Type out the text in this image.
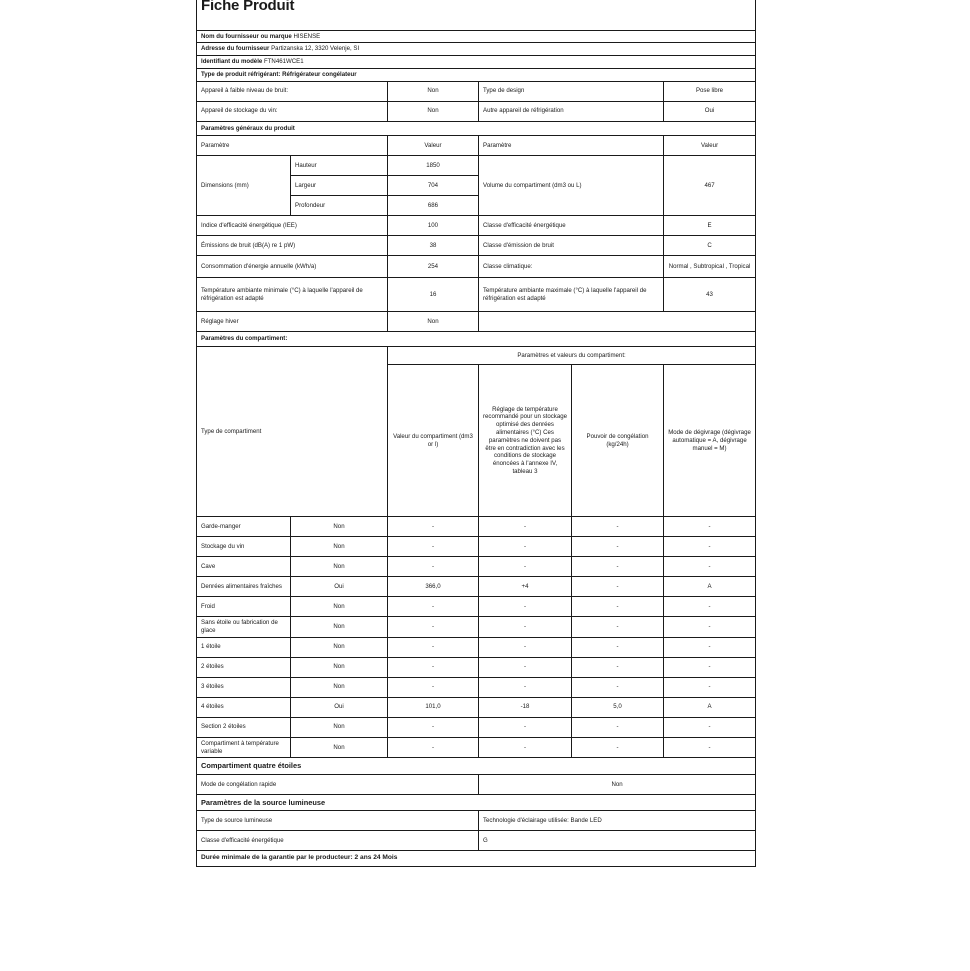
Fiche Produit					

Nom du fournisseur ou marque HISENSE					
Adresse du fournisseur Partizanska 12, 3320 Velenje, SI					
Identifiant du modèle FTN461WCE1					
Type de produit réfrigérant: Réfrigérateur congélateur					
Appareil à faible niveau de bruit:		Non	Type de design		Pose libre
Appareil de stockage du vin:		Non	Autre appareil de réfrigération		Oui
Paramètres généraux du produit					
Paramètre		Valeur	Paramètre		Valeur
Dimensions (mm)	Hauteur	1850	Volume du compartiment (dm3 ou L)		467
	Largeur	704			
	Profondeur	686			
Indice d'efficacité énergétique (IEE)		100	Classe d'efficacité énergétique		E
Émissions de bruit (dB(A) re 1 pW)		38	Classe d'émission de bruit		C
Consommation d'énergie annuelle (kWh/a)		254	Classe climatique:		Normal , Subtropical , Tropical
Température ambiante minimale (°C) à laquelle l'appareil de réfrigération est adapté		16	Température ambiante maximale (°C) à laquelle l'appareil de réfrigération est adapté		43
Réglage hiver		Non			
Paramètres du compartiment:					
Type de compartiment		Paramètres et valeurs du compartiment:			
		Valeur du compartiment (dm3 or l)	Réglage de température recommandé pour un stockage optimisé des denrées alimentaires (°C) Ces paramètres ne doivent pas être en contradiction avec les conditions de stockage énoncées à l'annexe IV, tableau 3	Pouvoir de congélation (kg/24h)	Mode de dégivrage (dégivrage automatique = A, dégivrage manuel = M)
Garde-manger	Non	-	-	-	-
Stockage du vin	Non	-	-	-	-
Cave	Non	-	-	-	-
Denrées alimentaires fraîches	Oui	366,0	+4	-	A
Froid	Non	-	-	-	-
Sans étoile ou fabrication de glace	Non	-	-	-	-
1 étoile	Non	-	-	-	-
2 étoiles	Non	-	-	-	-
3 étoiles	Non	-	-	-	-
4 étoiles	Oui	101,0	-18	5,0	A
Section 2 étoiles	Non	-	-	-	-
Compartiment à température variable	Non	-	-	-	-
Compartiment quatre étoiles					
Mode de congélation rapide			Non		
Paramètres de la source lumineuse					
Type de source lumineuse			Technologie d'éclairage utilisée: Bande LED		
Classe d'efficacité énergétique			G		
Durée minimale de la garantie par le producteur: 2 ans 24 Mois					
